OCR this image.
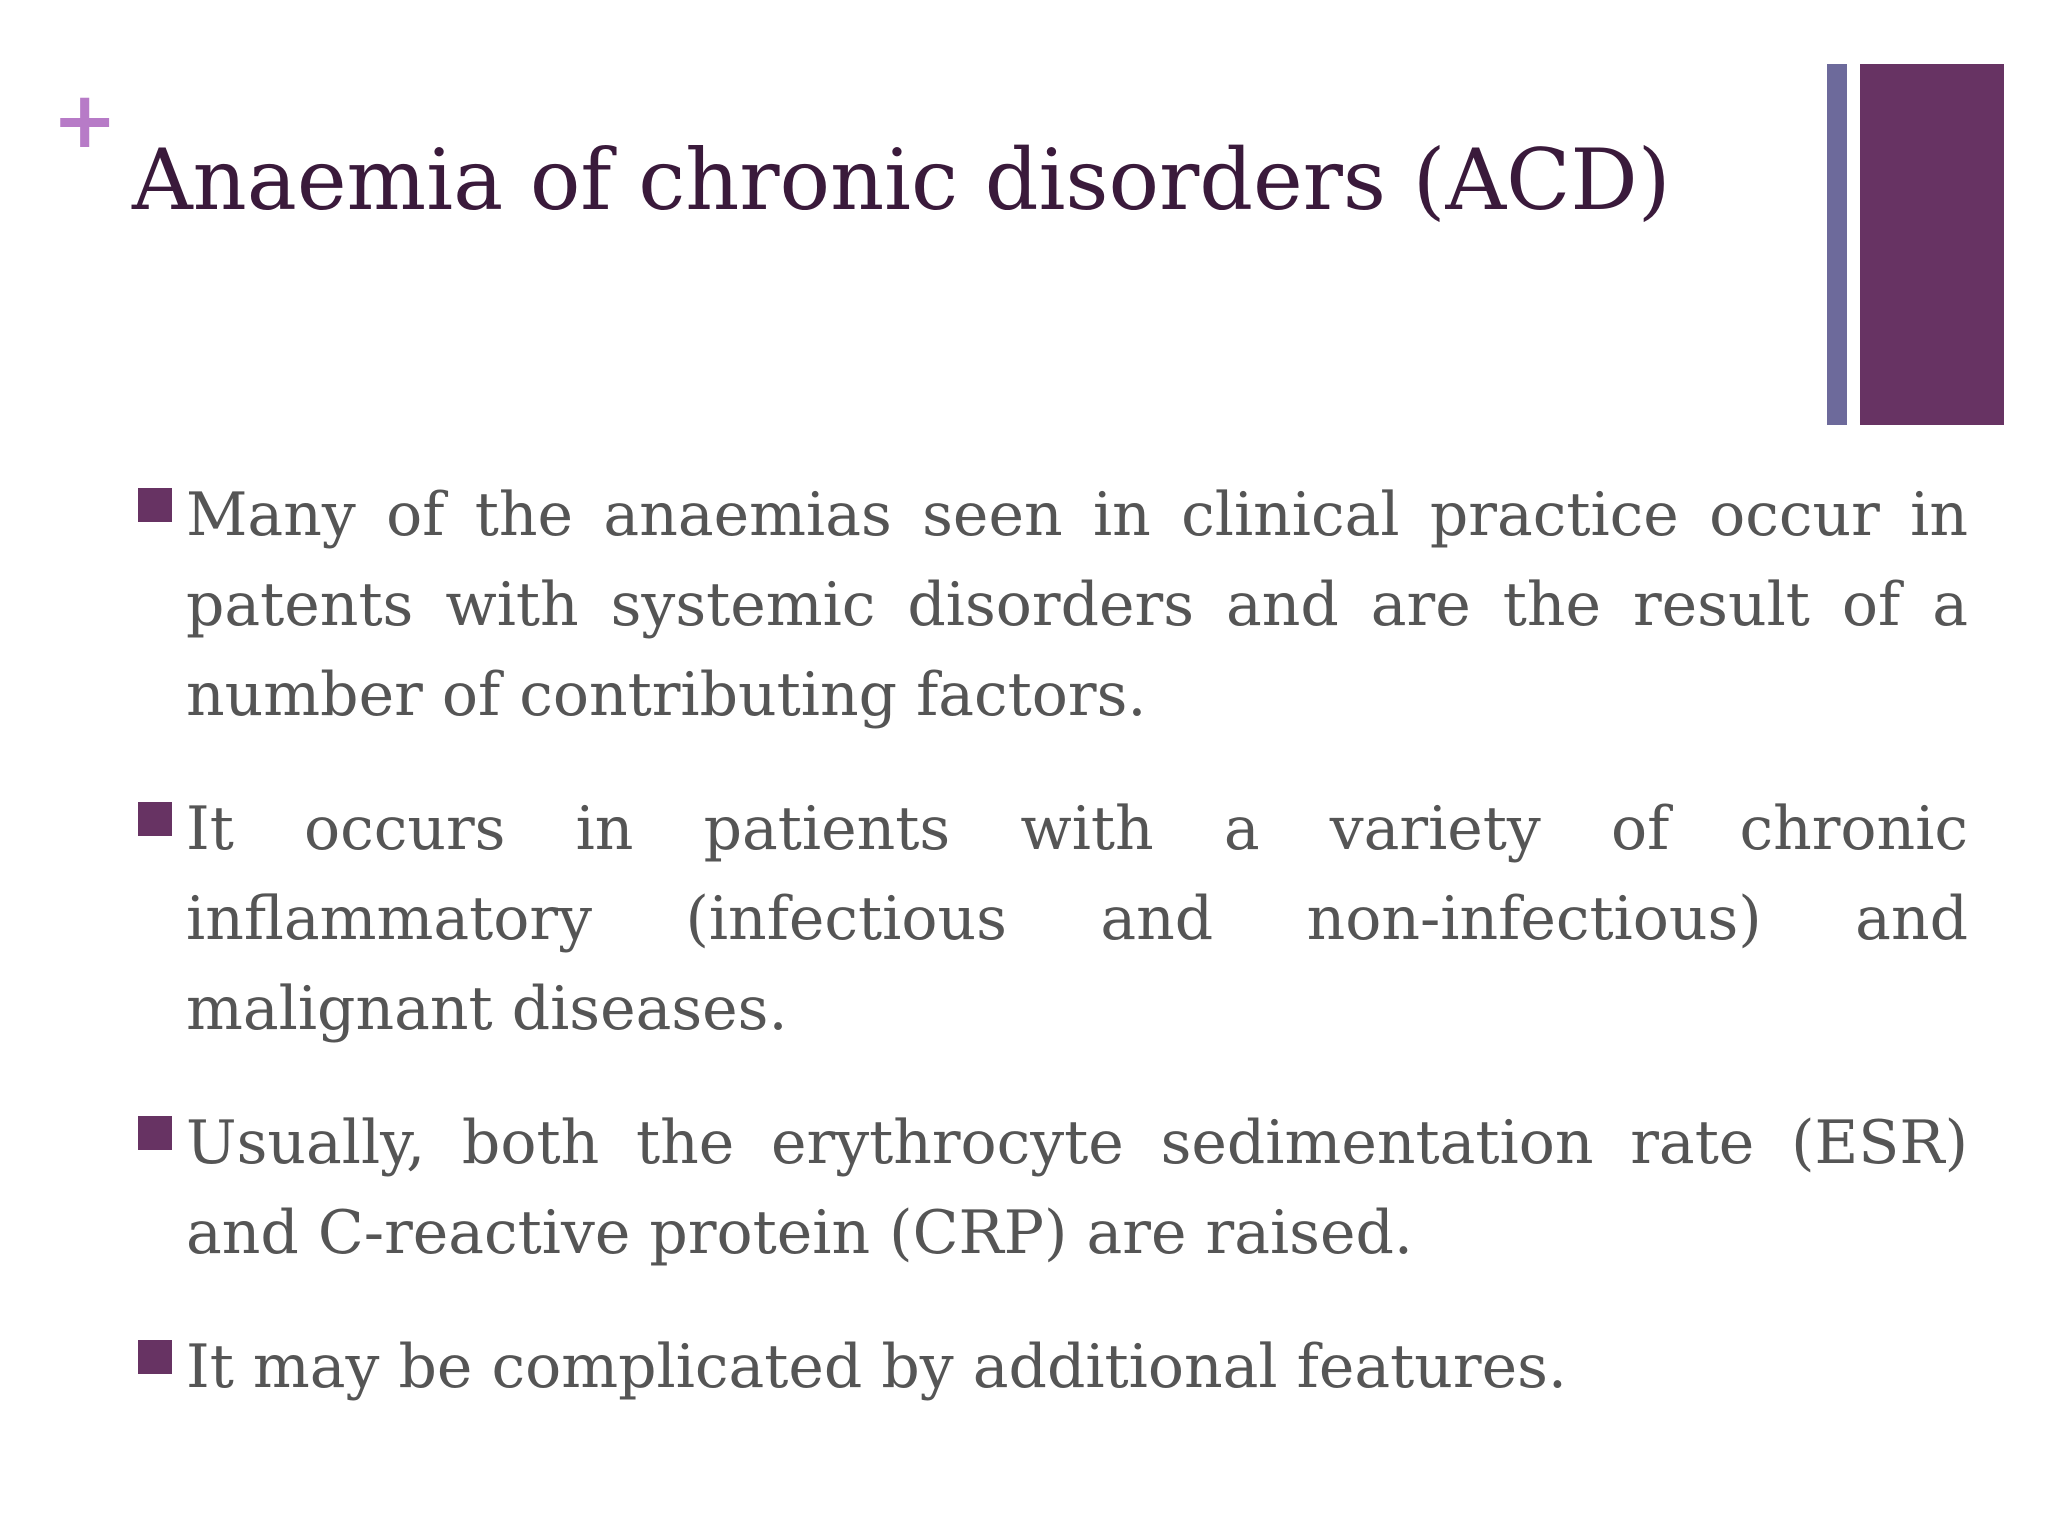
+
Anaemia of chronic disorders (ACD)
Many of the anaemias seen in clinical practice occur in patents with systemic disorders and are the result of a number of contributing factors.
It occurs in patients with a variety of chronic inflammatory (infectious and non-infectious) and malignant diseases.
Usually, both the erythrocyte sedimentation rate (ESR) and C-reactive protein (CRP) are raised.
It may be complicated by additional features.
